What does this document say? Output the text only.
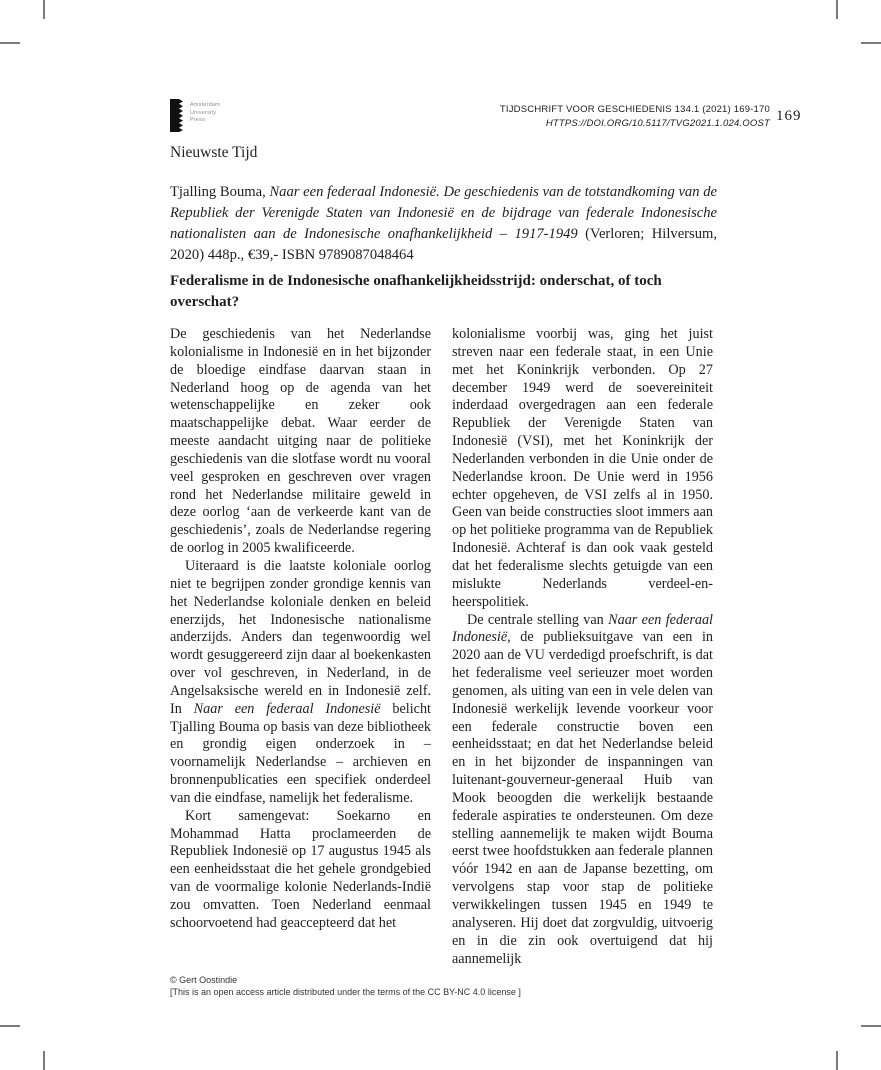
Amsterdam
University
Press
TIJDSCHRIFT VOOR GESCHIEDENIS 134.1 (2021) 169-170
HTTPS://DOI.ORG/10.5117/TVG2021.1.024.OOST 169
Nieuwste Tijd
Tjalling Bouma, Naar een federaal Indonesië. De geschiedenis van de totstandkoming van de Republiek der Verenigde Staten van Indonesië en de bijdrage van federale Indonesische nationalisten aan de Indonesische onafhankelijkheid – 1917-1949 (Verloren; Hilversum, 2020) 448p., €39,- ISBN 9789087048464
Federalisme in de Indonesische onafhankelijkheidsstrijd: onderschat, of toch overschat?

De geschiedenis van het Nederlandse kolonialisme in Indonesië en in het bijzonder de bloedige eindfase daarvan staan in Nederland hoog op de agenda van het wetenschappelijke en zeker ook maatschappelijke debat. Waar eerder de meeste aandacht uitging naar de politieke geschiedenis van die slotfase wordt nu vooral veel gesproken en geschreven over vragen rond het Nederlandse militaire geweld in deze oorlog ‘aan de verkeerde kant van de geschiedenis’, zoals de Nederlandse regering de oorlog in 2005 kwalificeerde.

Uiteraard is die laatste koloniale oorlog niet te begrijpen zonder grondige kennis van het Nederlandse koloniale denken en beleid enerzijds, het Indonesische nationalisme anderzijds. Anders dan tegenwoordig wel wordt gesuggereerd zijn daar al boekenkasten over vol geschreven, in Nederland, in de Angelsaksische wereld en in Indonesië zelf. In Naar een federaal Indonesië belicht Tjalling Bouma op basis van deze bibliotheek en grondig eigen onderzoek in – voornamelijk Nederlandse – archieven en bronnenpublicaties een specifiek onderdeel van die eindfase, namelijk het federalisme.

Kort samengevat: Soekarno en Mohammad Hatta proclameerden de Republiek Indonesië op 17 augustus 1945 als een eenheidsstaat die het gehele grondgebied van de voormalige kolonie Nederlands-Indië zou omvatten. Toen Nederland eenmaal schoorvoetend had geaccepteerd dat het

kolonialisme voorbij was, ging het juist streven naar een federale staat, in een Unie met het Koninkrijk verbonden. Op 27 december 1949 werd de soevereiniteit inderdaad overgedragen aan een federale Republiek der Verenigde Staten van Indonesië (VSI), met het Koninkrijk der Nederlanden verbonden in die Unie onder de Nederlandse kroon. De Unie werd in 1956 echter opgeheven, de VSI zelfs al in 1950. Geen van beide constructies sloot immers aan op het politieke programma van de Republiek Indonesië. Achteraf is dan ook vaak gesteld dat het federalisme slechts getuigde van een mislukte Nederlands verdeel-en-heerspolitiek.

De centrale stelling van Naar een federaal Indonesië, de publieksuitgave van een in 2020 aan de VU verdedigd proefschrift, is dat het federalisme veel serieuzer moet worden genomen, als uiting van een in vele delen van Indonesië werkelijk levende voorkeur voor een federale constructie boven een eenheidsstaat; en dat het Nederlandse beleid en in het bijzonder de inspanningen van luitenant-gouverneur-generaal Huib van Mook beoogden die werkelijk bestaande federale aspiraties te ondersteunen. Om deze stelling aannemelijk te maken wijdt Bouma eerst twee hoofdstukken aan federale plannen vóór 1942 en aan de Japanse bezetting, om vervolgens stap voor stap de politieke verwikkelingen tussen 1945 en 1949 te analyseren. Hij doet dat zorgvuldig, uitvoerig en in die zin ook overtuigend dat hij aannemelijk

© Gert Oostindie
[This is an open access article distributed under the terms of the CC BY-NC 4.0 license ]
